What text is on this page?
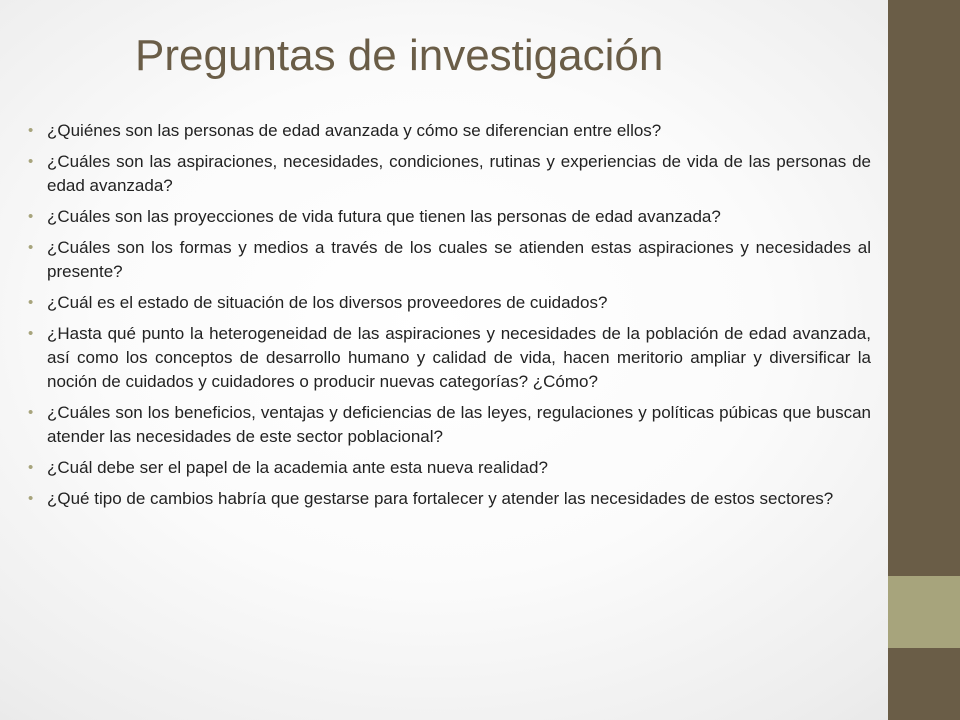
Preguntas de investigación
• ¿Quiénes son las personas de edad avanzada y cómo se diferencian entre ellos?
• ¿Cuáles son las aspiraciones, necesidades, condiciones, rutinas y experiencias de vida de las personas de edad avanzada?
• ¿Cuáles son las proyecciones de vida futura que tienen las personas de edad avanzada?
• ¿Cuáles son los formas y medios a través de los cuales se atienden estas aspiraciones y necesidades al presente?
• ¿Cuál es el estado de situación de los diversos proveedores de cuidados?
• ¿Hasta qué punto la heterogeneidad de las aspiraciones y necesidades de la población de edad avanzada, así como los conceptos de desarrollo humano y calidad de vida, hacen meritorio ampliar y diversificar la noción de cuidados y cuidadores o producir nuevas categorías? ¿Cómo?
• ¿Cuáles son los beneficios, ventajas y deficiencias de las leyes, regulaciones y políticas púbicas que buscan atender las necesidades de este sector poblacional?
• ¿Cuál debe ser el papel de la academia ante esta nueva realidad?
• ¿Qué tipo de cambios habría que gestarse para fortalecer y atender las necesidades de estos sectores?
